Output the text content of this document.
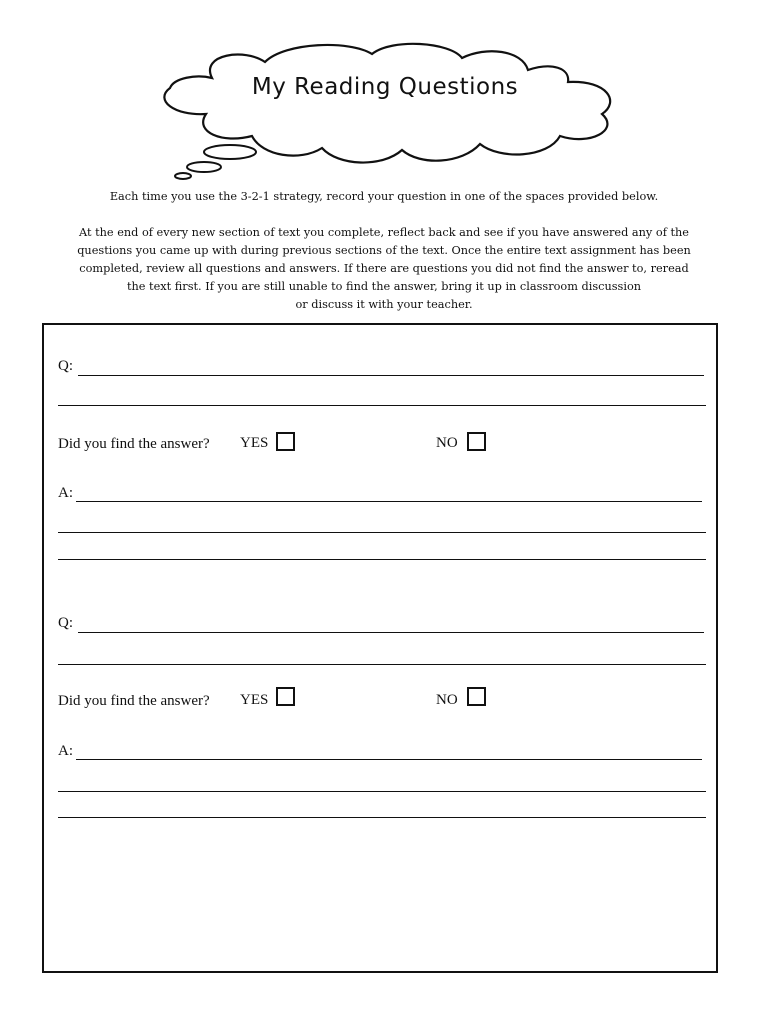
My Reading Questions
Each time you use the 3-2-1 strategy, record your question in one of the spaces provided below.
At the end of every new section of text you complete, reflect back and see if you have answered any of the
questions you came up with during previous sections of the text. Once the entire text assignment has been
completed, review all questions and answers. If there are questions you did not find the answer to, reread
the text first. If you are still unable to find the answer, bring it up in classroom discussion
or discuss it with your teacher.
Q:
Did you find the answer? YES	NO
A:
Q:
Did you find the answer? YES	NO
A:
